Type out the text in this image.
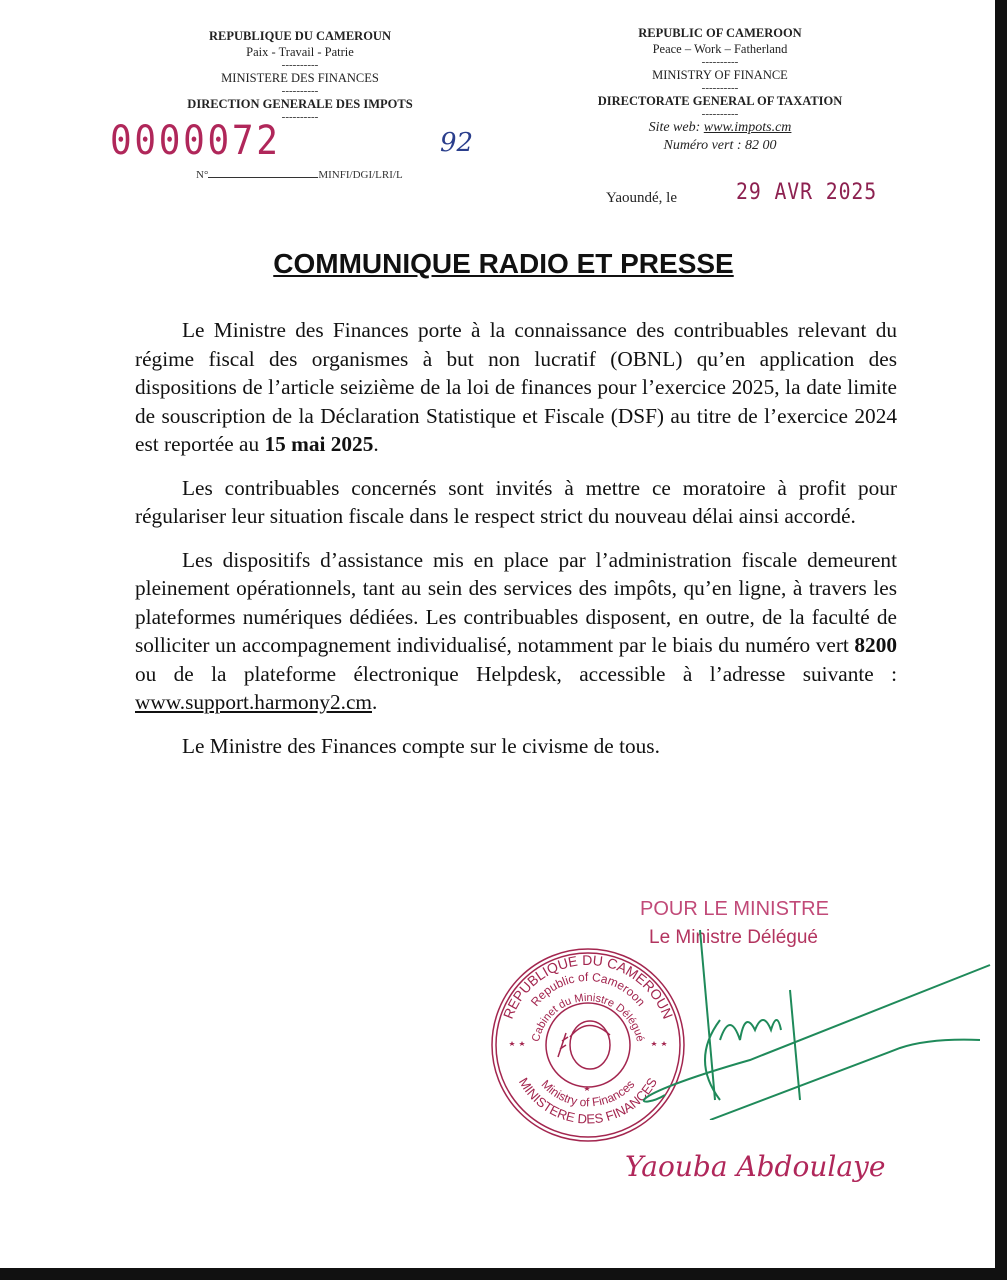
REPUBLIQUE DU CAMEROUN
Paix - Travail - Patrie
----------
MINISTERE DES FINANCES
----------
DIRECTION GENERALE DES IMPOTS
----------
REPUBLIC OF CAMEROON
Peace – Work – Fatherland
----------
MINISTRY OF FINANCE
----------
DIRECTORATE GENERAL OF TAXATION
----------
Site web: www.impots.cm
Numéro vert : 82 00
0000072
N°	MINFI/DGI/LRI/L
92
Yaoundé, le	29 AVR 2025
COMMUNIQUE RADIO ET PRESSE

Le Ministre des Finances porte à la connaissance des contribuables relevant du régime fiscal des organismes à but non lucratif (OBNL) qu’en application des dispositions de l’article seizième de la loi de finances pour l’exercice 2025, la date limite de souscription de la Déclaration Statistique et Fiscale (DSF) au titre de l’exercice 2024 est reportée au 15 mai 2025.

Les contribuables concernés sont invités à mettre ce moratoire à profit pour régulariser leur situation fiscale dans le respect strict du nouveau délai ainsi accordé.

Les dispositifs d’assistance mis en place par l’administration fiscale demeurent pleinement opérationnels, tant au sein des services des impôts, qu’en ligne, à travers les plateformes numériques dédiées. Les contribuables disposent, en outre, de la faculté de solliciter un accompagnement individualisé, notamment par le biais du numéro vert 8200 ou de la plateforme électronique Helpdesk, accessible à l’adresse suivante : www.support.harmony2.cm.

Le Ministre des Finances compte sur le civisme de tous.

POUR LE MINISTRE
Le Ministre Délégué
REPUBLIQUE DU CAMEROUN
Republic of Cameroon
Cabinet du Ministre Délégué
Ministry of Finances
MINISTERE DES FINANCES
Yaouba Abdoulaye
